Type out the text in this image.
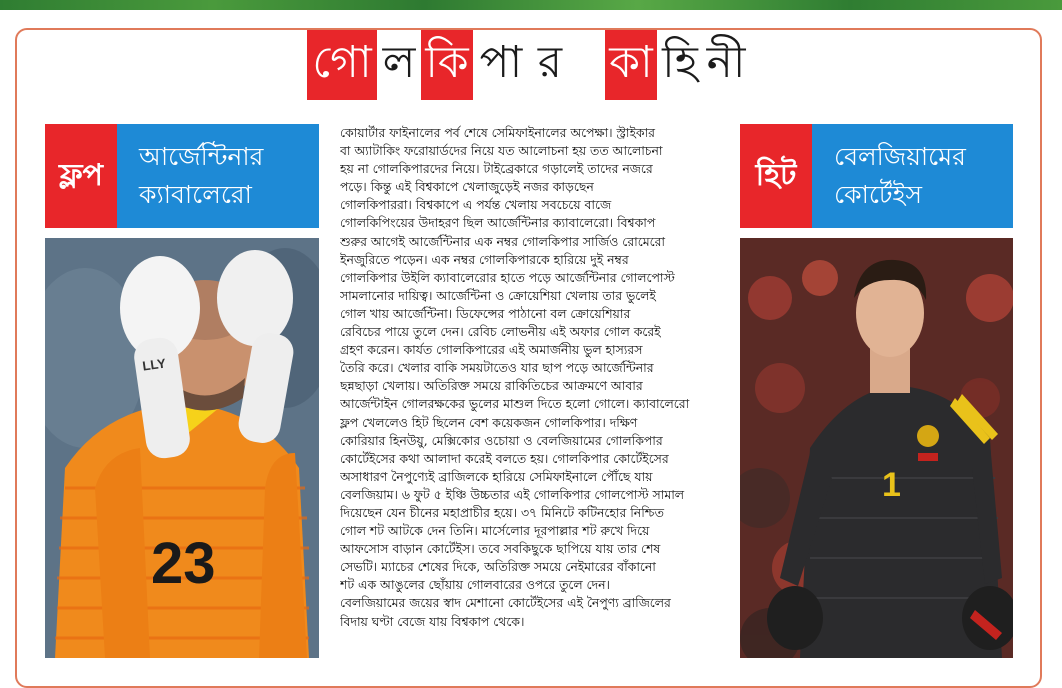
গো ল কি পা র কা হি নী
ফ্লপ
আর্জেন্টিনার
ক্যাবালেরো
হিট
বেলজিয়ামের
কোর্টেইস
23
LLY
কোয়ার্টার ফাইনালের পর্ব শেষে সেমিফাইনালের অপেক্ষা। স্ট্রাইকার
বা অ্যাটাকিং ফরোয়ার্ডদের নিয়ে যত আলোচনা হয় তত আলোচনা
হয় না গোলকিপারদের নিয়ে। টাইব্রেকারে গড়ালেই তাদের নজরে
পড়ে। কিন্তু এই বিশ্বকাপে খেলাজুড়েই নজর কাড়ছেন
গোলকিপাররা। বিশ্বকাপে এ পর্যন্ত খেলায় সবচেয়ে বাজে
গোলকিপিংয়ের উদাহরণ ছিল আর্জেন্টিনার ক্যাবালেরো। বিশ্বকাপ
শুরুর আগেই আর্জেন্টিনার এক নম্বর গোলকিপার সার্জিও রোমেরো
ইনজুরিতে পড়েন। এক নম্বর গোলকিপারকে হারিয়ে দুই নম্বর
গোলকিপার উইলি ক্যাবালেরোর হাতে পড়ে আর্জেন্টিনার গোলপোস্ট
সামলানোর দায়িত্ব। আর্জেন্টিনা ও ক্রোয়েশিয়া খেলায় তার ভুলেই
গোল খায় আর্জেন্টিনা। ডিফেন্সের পাঠানো বল ক্রোয়েশিয়ার
রেবিচের পায়ে তুলে দেন। রেবিচ লোভনীয় এই অফার গোল করেই
গ্রহণ করেন। কার্যত গোলকিপারের এই অমার্জনীয় ভুল হাস্যরস
তৈরি করে। খেলার বাকি সময়টাতেও যার ছাপ পড়ে আর্জেন্টিনার
ছন্নছাড়া খেলায়। অতিরিক্ত সময়ে রাকিতিচের আক্রমণে আবার
আর্জেন্টাইন গোলরক্ষকের ভুলের মাশুল দিতে হলো গোলে। ক্যাবালেরো
ফ্লপ খেললেও হিট ছিলেন বেশ কয়েকজন গোলকিপার। দক্ষিণ
কোরিয়ার হিনউয়ু, মেক্সিকোর ওচোয়া ও বেলজিয়ামের গোলকিপার
কোর্টেইসের কথা আলাদা করেই বলতে হয়। গোলকিপার কোর্টেইসের
অসাধারণ নৈপুণ্যেই ব্রাজিলকে হারিয়ে সেমিফাইনালে পৌঁছে যায়
বেলজিয়াম। ৬ ফুট ৫ ইঞ্চি উচ্চতার এই গোলকিপার গোলপোস্ট সামাল
দিয়েছেন যেন চীনের মহাপ্রাচীর হয়ে। ৩৭ মিনিটে কটিনহোর নিশ্চিত
গোল শট আটকে দেন তিনি। মার্সেলোর দূরপাল্লার শট রুখে দিয়ে
আফসোস বাড়ান কোর্টেইস। তবে সবকিছুকে ছাপিয়ে যায় তার শেষ
সেভটি। ম্যাচের শেষের দিকে, অতিরিক্ত সময়ে নেইমারের বাঁকানো
শট এক আঙুলের ছোঁয়ায় গোলবারের ওপরে তুলে দেন।
বেলজিয়ামের জয়ের স্বাদ মেশানো কোর্টেইসের এই নৈপুণ্য ব্রাজিলের
বিদায় ঘণ্টা বেজে যায় বিশ্বকাপ থেকে।
1
